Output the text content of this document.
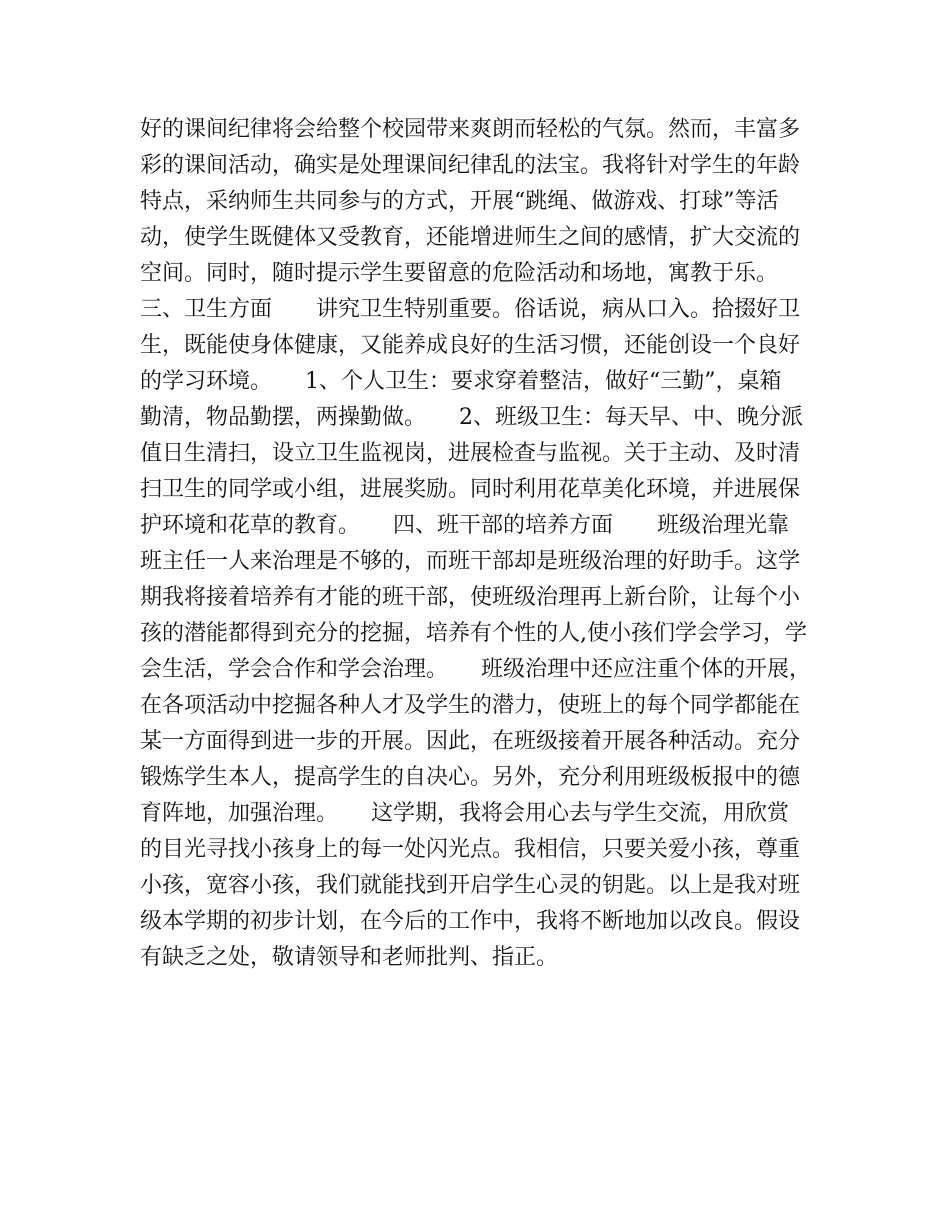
好的课间纪律将会给整个校园带来爽朗而轻松的气氛。然而，丰富多
彩的课间活动，确实是处理课间纪律乱的法宝。我将针对学生的年龄
特点，采纳师生共同参与的方式，开展“跳绳、做游戏、打球”等活
动，使学生既健体又受教育，还能增进师生之间的感情，扩大交流的
空间。同时，随时提示学生要留意的危险活动和场地，寓教于乐。
三、卫生方面　　讲究卫生特别重要。俗话说，病从口入。拾掇好卫
生，既能使身体健康，又能养成良好的生活习惯，还能创设一个良好
的学习环境。　　1、个人卫生：要求穿着整洁，做好“三勤”，桌箱
勤清，物品勤摆，两操勤做。　　2、班级卫生：每天早、中、晚分派
值日生清扫，设立卫生监视岗，进展检查与监视。关于主动、及时清
扫卫生的同学或小组，进展奖励。同时利用花草美化环境，并进展保
护环境和花草的教育。　　四、班干部的培养方面　　班级治理光靠
班主任一人来治理是不够的，而班干部却是班级治理的好助手。这学
期我将接着培养有才能的班干部，使班级治理再上新台阶，让每个小
孩的潜能都得到充分的挖掘，培养有个性的人,使小孩们学会学习，学
会生活，学会合作和学会治理。　　班级治理中还应注重个体的开展，
在各项活动中挖掘各种人才及学生的潜力，使班上的每个同学都能在
某一方面得到进一步的开展。因此，在班级接着开展各种活动。充分
锻炼学生本人，提高学生的自决心。另外，充分利用班级板报中的德
育阵地，加强治理。　　这学期，我将会用心去与学生交流，用欣赏
的目光寻找小孩身上的每一处闪光点。我相信，只要关爱小孩，尊重
小孩，宽容小孩，我们就能找到开启学生心灵的钥匙。以上是我对班
级本学期的初步计划，在今后的工作中，我将不断地加以改良。假设
有缺乏之处，敬请领导和老师批判、指正。
